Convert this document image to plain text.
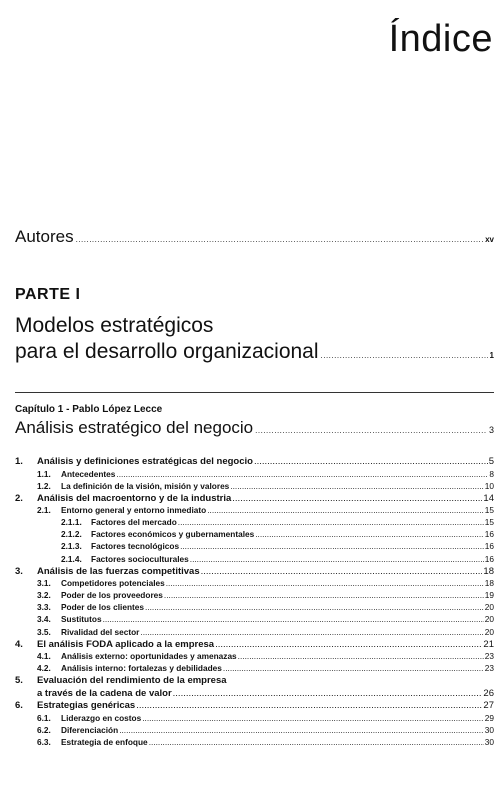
Índice
Autores .....	xv
PARTE I
Modelos estratégicos
para el desarrollo organizacional .....	1
Capítulo 1 - Pablo López Lecce
Análisis estratégico del negocio .....	3
1.	Análisis y definiciones estratégicas del negocio .....	5
1.1.	Antecedentes .....	8
1.2.	La definición de la visión, misión y valores .....	10
2.	Análisis del macroentorno y de la industria .....	14
2.1.	Entorno general y entorno inmediato .....	15
2.1.1.	Factores del mercado .....	15
2.1.2.	Factores económicos y gubernamentales .....	16
2.1.3.	Factores tecnológicos .....	16
2.1.4.	Factores socioculturales .....	16
3.	Análisis de las fuerzas competitivas .....	18
3.1.	Competidores potenciales .....	18
3.2.	Poder de los proveedores .....	19
3.3.	Poder de los clientes .....	20
3.4.	Sustitutos .....	20
3.5.	Rivalidad del sector .....	20
4.	El análisis FODA aplicado a la empresa .....	21
4.1.	Análisis externo: oportunidades y amenazas .....	23
4.2.	Análisis interno: fortalezas y debilidades .....	23
5.	Evaluación del rendimiento de la empresa
a través de la cadena de valor .....	26
6.	Estrategias genéricas .....	27
6.1.	Liderazgo en costos .....	29
6.2.	Diferenciación .....	30
6.3.	Estrategia de enfoque .....	30
